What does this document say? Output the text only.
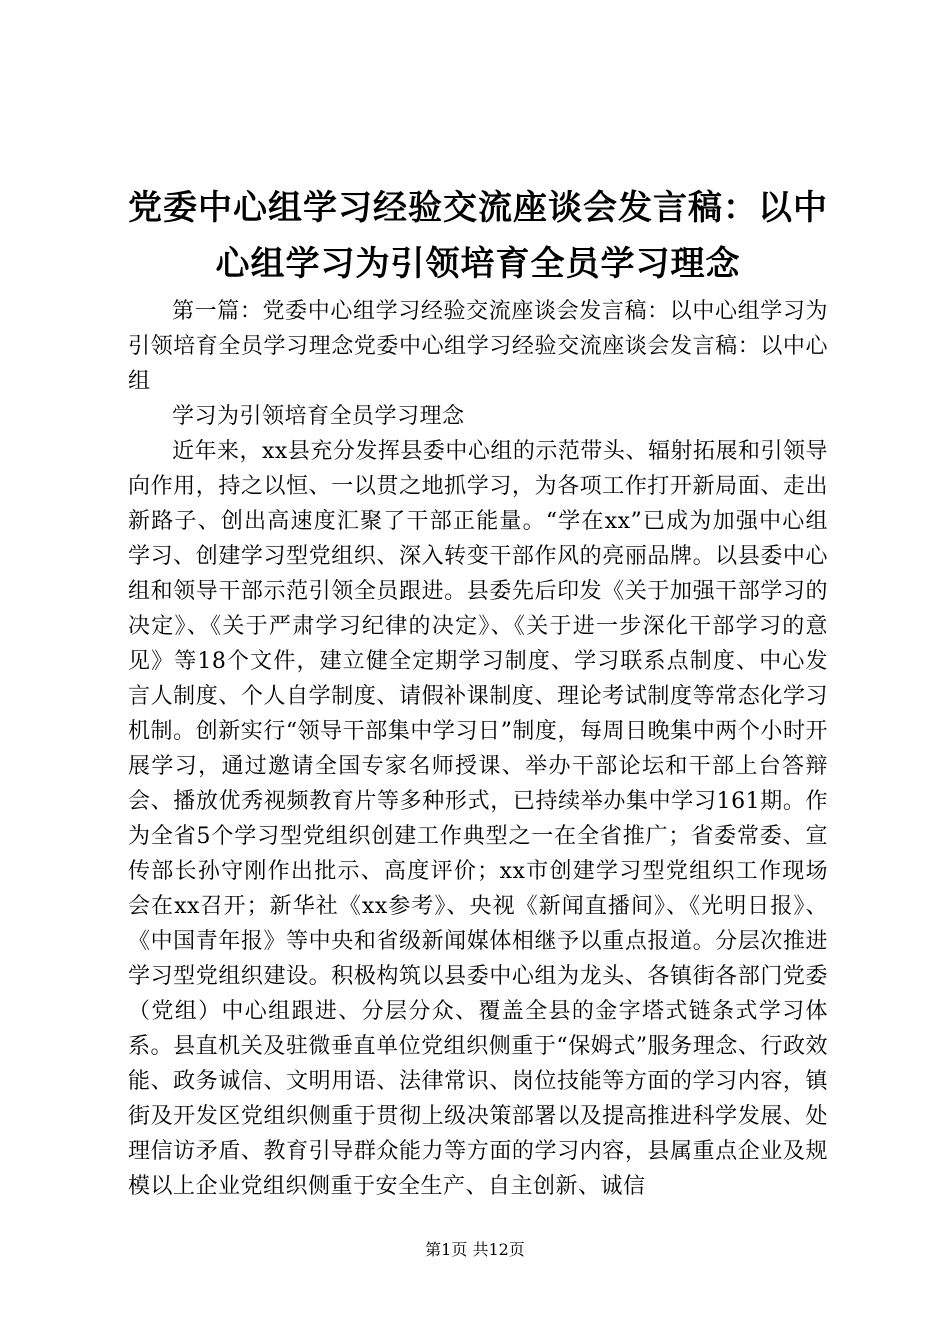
党委中心组学习经验交流座谈会发言稿：以中心组学习为引领培育全员学习理念

第一篇：党委中心组学习经验交流座谈会发言稿：以中心组学习为引领培育全员学习理念党委中心组学习经验交流座谈会发言稿：以中心组

学习为引领培育全员学习理念

近年来，xx县充分发挥县委中心组的示范带头、辐射拓展和引领导向作用，持之以恒、一以贯之地抓学习，为各项工作打开新局面、走出新路子、创出高速度汇聚了干部正能量。“学在xx”已成为加强中心组学习、创建学习型党组织、深入转变干部作风的亮丽品牌。以县委中心组和领导干部示范引领全员跟进。县委先后印发《关于加强干部学习的决定》、《关于严肃学习纪律的决定》、《关于进一步深化干部学习的意见》等18个文件，建立健全定期学习制度、学习联系点制度、中心发言人制度、个人自学制度、请假补课制度、理论考试制度等常态化学习机制。创新实行“领导干部集中学习日”制度，每周日晚集中两个小时开展学习，通过邀请全国专家名师授课、举办干部论坛和干部上台答辩会、播放优秀视频教育片等多种形式，已持续举办集中学习161期。作为全省5个学习型党组织创建工作典型之一在全省推广；省委常委、宣传部长孙守刚作出批示、高度评价；xx市创建学习型党组织工作现场会在xx召开；新华社《xx参考》、央视《新闻直播间》、《光明日报》、《中国青年报》等中央和省级新闻媒体相继予以重点报道。分层次推进学习型党组织建设。积极构筑以县委中心组为龙头、各镇街各部门党委（党组）中心组跟进、分层分众、覆盖全县的金字塔式链条式学习体系。县直机关及驻微垂直单位党组织侧重于“保姆式”服务理念、行政效能、政务诚信、文明用语、法律常识、岗位技能等方面的学习内容，镇街及开发区党组织侧重于贯彻上级决策部署以及提高推进科学发展、处理信访矛盾、教育引导群众能力等方面的学习内容，县属重点企业及规模以上企业党组织侧重于安全生产、自主创新、诚信

第1页 共12页
